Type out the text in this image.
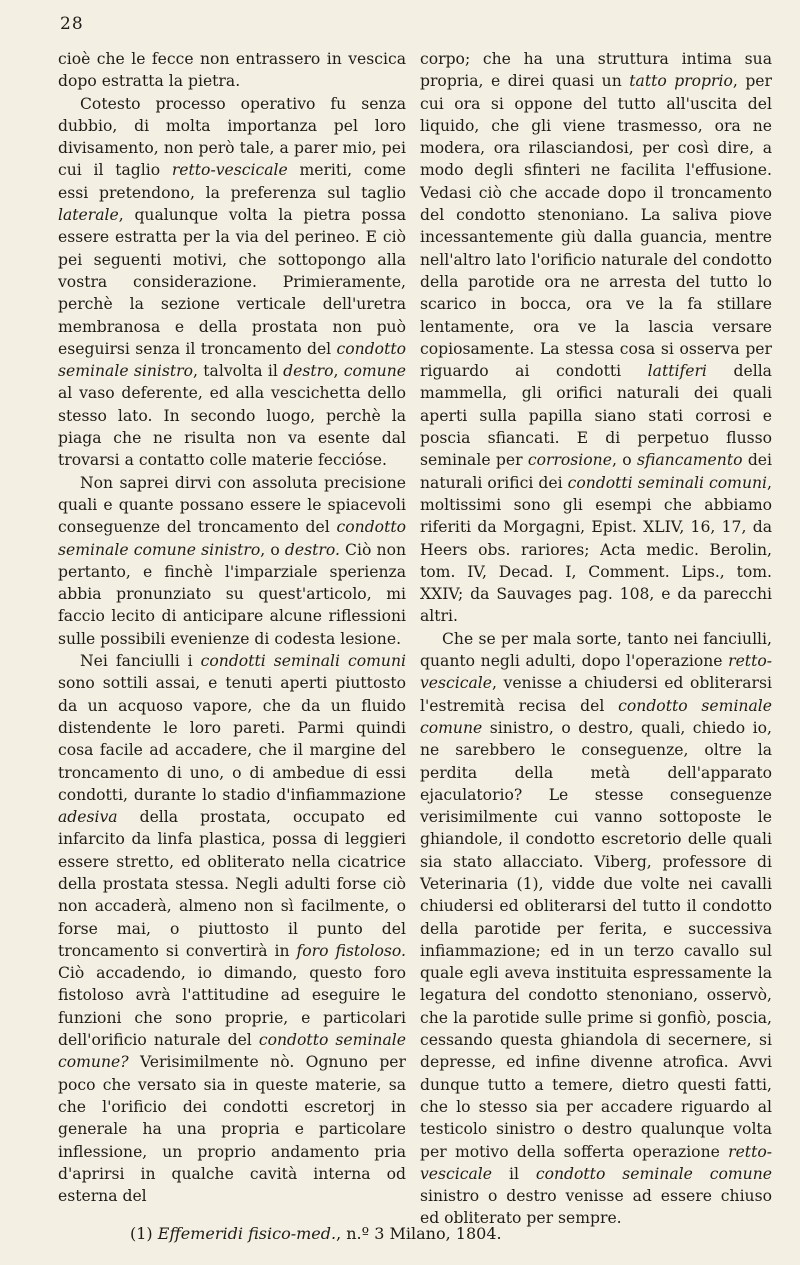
28

cioè che le fecce non entrassero in vescica dopo estratta la pietra.

Cotesto processo operativo fu senza dubbio, di molta importanza pel loro divisamento, non però tale, a parer mio, pei cui il taglio retto-vescicale meriti, come essi pretendono, la preferenza sul taglio laterale, qualunque volta la pietra possa essere estratta per la via del perineo. E ciò pei seguenti motivi, che sottopongo alla vostra considerazione. Primieramente, perchè la sezione verticale dell'uretra membranosa e della prostata non può eseguirsi senza il troncamento del condotto seminale sinistro, talvolta il destro, comune al vaso deferente, ed alla vescichetta dello stesso lato. In secondo luogo, perchè la piaga che ne risulta non va esente dal trovarsi a contatto colle materie feccióse.

Non saprei dirvi con assoluta precisione quali e quante possano essere le spiacevoli conseguenze del troncamento del condotto seminale comune sinistro, o destro. Ciò non pertanto, e finchè l'imparziale sperienza abbia pronunziato su quest'articolo, mi faccio lecito di anticipare alcune riflessioni sulle possibili evenienze di codesta lesione.

Nei fanciulli i condotti seminali comuni sono sottili assai, e tenuti aperti piuttosto da un acquoso vapore, che da un fluido distendente le loro pareti. Parmi quindi cosa facile ad accadere, che il margine del troncamento di uno, o di ambedue di essi condotti, durante lo stadio d'infiammazione adesiva della prostata, occupato ed infarcito da linfa plastica, possa di leggieri essere stretto, ed obliterato nella cicatrice della prostata stessa. Negli adulti forse ciò non accaderà, almeno non sì facilmente, o forse mai, o piuttosto il punto del troncamento si convertirà in foro fistoloso. Ciò accadendo, io dimando, questo foro fistoloso avrà l'attitudine ad eseguire le funzioni che sono proprie, e particolari dell'orificio naturale del condotto seminale comune? Verisimilmente nò. Ognuno per poco che versato sia in queste materie, sa che l'orificio dei condotti escretorj in generale ha una propria e particolare inflessione, un proprio andamento pria d'aprirsi in qualche cavità interna od esterna del

corpo; che ha una struttura intima sua propria, e direi quasi un tatto proprio, per cui ora si oppone del tutto all'uscita del liquido, che gli viene trasmesso, ora ne modera, ora rilasciandosi, per così dire, a modo degli sfinteri ne facilita l'effusione. Vedasi ciò che accade dopo il troncamento del condotto stenoniano. La saliva piove incessantemente giù dalla guancia, mentre nell'altro lato l'orificio naturale del condotto della parotide ora ne arresta del tutto lo scarico in bocca, ora ve la fa stillare lentamente, ora ve la lascia versare copiosamente. La stessa cosa si osserva per riguardo ai condotti lattiferi della mammella, gli orifici naturali dei quali aperti sulla papilla siano stati corrosi e poscia sfiancati. E di perpetuo flusso seminale per corrosione, o sfiancamento dei naturali orifici dei condotti seminali comuni, moltissimi sono gli esempi che abbiamo riferiti da Morgagni, Epist. XLIV, 16, 17, da Heers obs. rariores; Acta medic. Berolin, tom. IV, Decad. I, Comment. Lips., tom. XXIV; da Sauvages pag. 108, e da parecchi altri.

Che se per mala sorte, tanto nei fanciulli, quanto negli adulti, dopo l'operazione retto-vescicale, venisse a chiudersi ed obliterarsi l'estremità recisa del condotto seminale comune sinistro, o destro, quali, chiedo io, ne sarebbero le conseguenze, oltre la perdita della metà dell'apparato ejaculatorio? Le stesse conseguenze verisimilmente cui vanno sottoposte le ghiandole, il condotto escretorio delle quali sia stato allacciato. Viberg, professore di Veterinaria (1), vidde due volte nei cavalli chiudersi ed obliterarsi del tutto il condotto della parotide per ferita, e successiva infiammazione; ed in un terzo cavallo sul quale egli aveva instituita espressamente la legatura del condotto stenoniano, osservò, che la parotide sulle prime si gonfiò, poscia, cessando questa ghiandola di secernere, si depresse, ed infine divenne atrofica. Avvi dunque tutto a temere, dietro questi fatti, che lo stesso sia per accadere riguardo al testicolo sinistro o destro qualunque volta per motivo della sofferta operazione retto-vescicale il condotto seminale comune sinistro o destro venisse ad essere chiuso ed obliterato per sempre.

(1) Effemeridi fisico-med., n.º 3 Milano, 1804.
